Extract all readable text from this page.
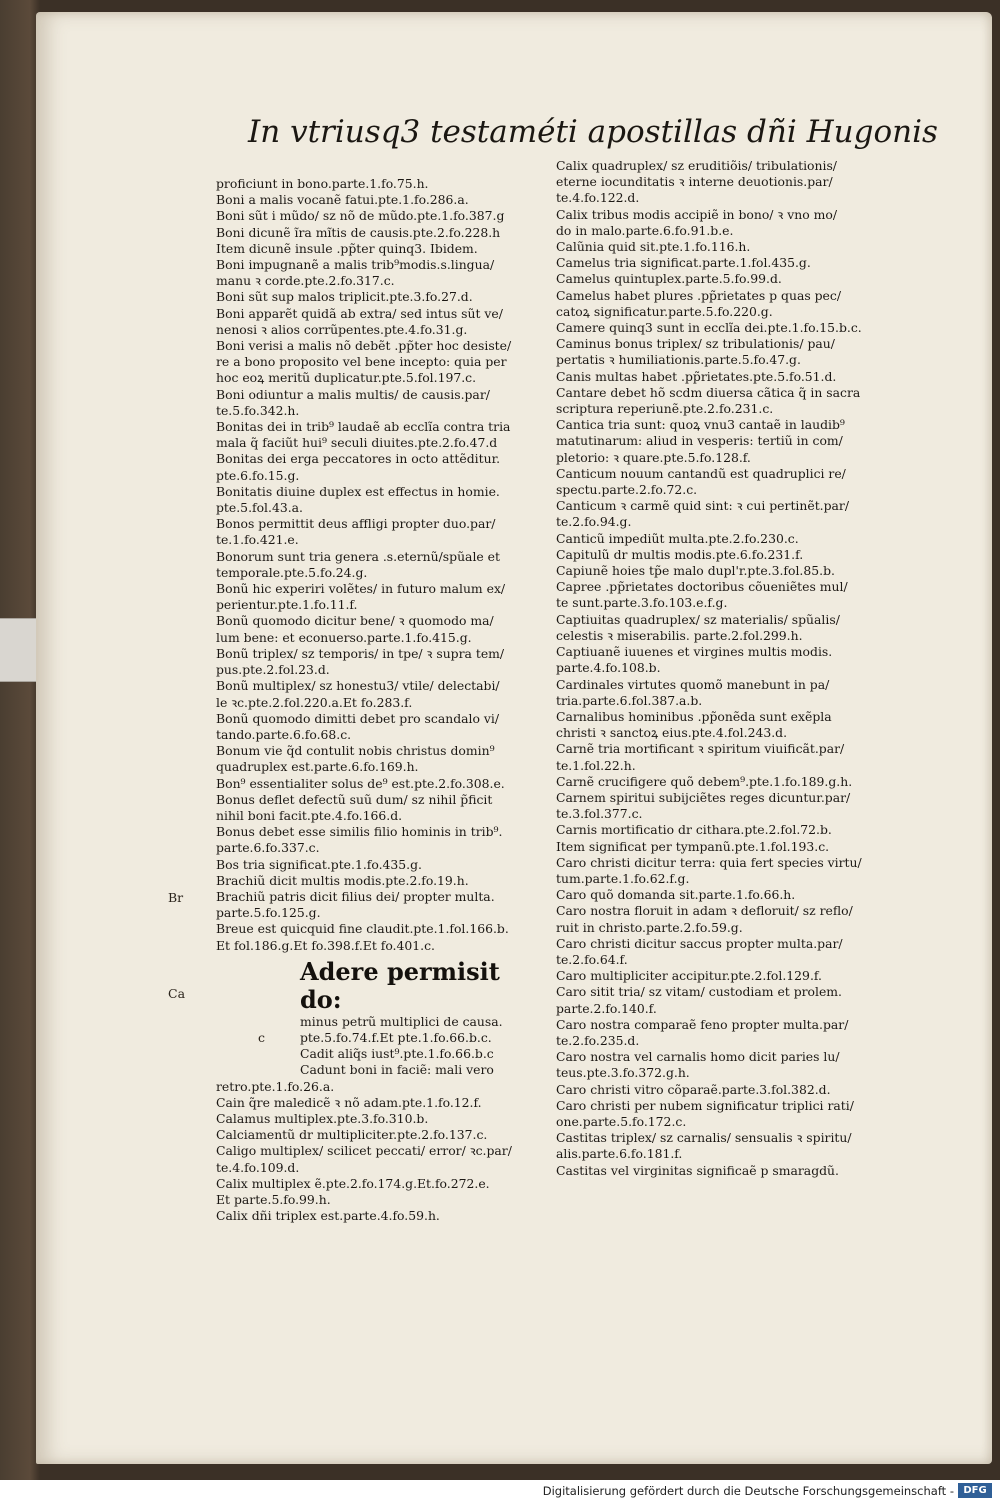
In vtriusq3 testaméti apostillas dñi Hugonis
Br
Ca
c
proficiunt in bono.parte.1.fo.75.h.
Boni a malis vocanẽ fatui.pte.1.fo.286.a.
Boni sũt i mũdo/ sz nõ de mũdo.pte.1.fo.387.g
Boni dicunẽ ĩra mĩtis de causis.pte.2.fo.228.h
Item dicunẽ insule .pp̃ter quinq3. Ibidem.
Boni impugnanẽ a malis trib⁹modis.s.lingua/
manu ꝛ corde.pte.2.fo.317.c.
Boni sũt sup malos triplicit.pte.3.fo.27.d.
Boni apparẽt quidã ab extra/ sed intus sũt ve/
nenosi ꝛ alios corrũpentes.pte.4.fo.31.g.
Boni verisi a malis nõ debẽt .pp̃ter hoc desiste/
re a bono proposito vel bene incepto: quia per
hoc eoꝝ meritũ duplicatur.pte.5.fol.197.c.
Boni odiuntur a malis multis/ de causis.par/
te.5.fo.342.h.
Bonitas dei in trib⁹ laudaẽ ab ecclĩa contra tria
mala q̃ faciũt hui⁹ seculi diuites.pte.2.fo.47.d
Bonitas dei erga peccatores in octo attẽditur.
pte.6.fo.15.g.
Bonitatis diuine duplex est effectus in homie.
pte.5.fol.43.a.
Bonos permittit deus affligi propter duo.par/
te.1.fo.421.e.
Bonorum sunt tria genera .s.eternũ/spũale et
temporale.pte.5.fo.24.g.
Bonũ hic experiri volẽtes/ in futuro malum ex/
perientur.pte.1.fo.11.f.
Bonũ quomodo dicitur bene/ ꝛ quomodo ma/
lum bene: et econuerso.parte.1.fo.415.g.
Bonũ triplex/ sz temporis/ in tpe/ ꝛ supra tem/
pus.pte.2.fol.23.d.
Bonũ multiplex/ sz honestu3/ vtile/ delectabi/
le ꝛc.pte.2.fol.220.a.Et fo.283.f.
Bonũ quomodo dimitti debet pro scandalo vi/
tando.parte.6.fo.68.c.
Bonum vie q̃d contulit nobis christus domin⁹
quadruplex est.parte.6.fo.169.h.
Bon⁹ essentialiter solus de⁹ est.pte.2.fo.308.e.
Bonus deflet defectũ suũ dum/ sz nihil p̃ficit
nihil boni facit.pte.4.fo.166.d.
Bonus debet esse similis filio hominis in trib⁹.
parte.6.fo.337.c.
Bos tria significat.pte.1.fo.435.g.
Brachiũ dicit multis modis.pte.2.fo.19.h.
Brachiũ patris dicit filius dei/ propter multa.
parte.5.fo.125.g.
Breue est quicquid fine claudit.pte.1.fol.166.b.
Et fol.186.g.Et fo.398.f.Et fo.401.c.
Adere permisit do:
minus petrũ multiplici de causa.
pte.5.fo.74.f.Et pte.1.fo.66.b.c.
Cadit aliq̃s iust⁹.pte.1.fo.66.b.c
Cadunt boni in faciẽ: mali vero
retro.pte.1.fo.26.a.
Cain q̃re maledicẽ ꝛ nõ adam.pte.1.fo.12.f.
Calamus multiplex.pte.3.fo.310.b.
Calciamentũ dr multipliciter.pte.2.fo.137.c.
Caligo multiplex/ scilicet peccati/ error/ ꝛc.par/
te.4.fo.109.d.
Calix multiplex ẽ.pte.2.fo.174.g.Et.fo.272.e.
Et parte.5.fo.99.h.
Calix dñi triplex est.parte.4.fo.59.h.
Calix quadruplex/ sz eruditiõis/ tribulationis/
eterne iocunditatis ꝛ interne deuotionis.par/
te.4.fo.122.d.
Calix tribus modis accipiẽ in bono/ ꝛ vno mo/
do in malo.parte.6.fo.91.b.e.
Calũnia quid sit.pte.1.fo.116.h.
Camelus tria significat.parte.1.fol.435.g.
Camelus quintuplex.parte.5.fo.99.d.
Camelus habet plures .pp̃rietates p quas pec/
catoꝝ significatur.parte.5.fo.220.g.
Camere quinq3 sunt in ecclĩa dei.pte.1.fo.15.b.c.
Caminus bonus triplex/ sz tribulationis/ pau/
pertatis ꝛ humiliationis.parte.5.fo.47.g.
Canis multas habet .pp̃rietates.pte.5.fo.51.d.
Cantare debet hõ scdm diuersa cãtica q̃ in sacra
scriptura reperiunẽ.pte.2.fo.231.c.
Cantica tria sunt: quoꝝ vnu3 cantaẽ in laudib⁹
matutinarum: aliud in vesperis: tertiũ in com/
pletorio: ꝛ quare.pte.5.fo.128.f.
Canticum nouum cantandũ est quadruplici re/
spectu.parte.2.fo.72.c.
Canticum ꝛ carmẽ quid sint: ꝛ cui pertinẽt.par/
te.2.fo.94.g.
Canticũ impediũt multa.pte.2.fo.230.c.
Capitulũ dr multis modis.pte.6.fo.231.f.
Capiunẽ hoies tp̃e malo dupl'r.pte.3.fol.85.b.
Capree .pp̃rietates doctoribus cõueniẽtes mul/
te sunt.parte.3.fo.103.e.f.g.
Captiuitas quadruplex/ sz materialis/ spũalis/
celestis ꝛ miserabilis. parte.2.fol.299.h.
Captiuanẽ iuuenes et virgines multis modis.
parte.4.fo.108.b.
Cardinales virtutes quomõ manebunt in pa/
tria.parte.6.fol.387.a.b.
Carnalibus hominibus .pp̃onẽda sunt exẽpla
christi ꝛ sanctoꝝ eius.pte.4.fol.243.d.
Carnẽ tria mortificant ꝛ spiritum viuificãt.par/
te.1.fol.22.h.
Carnẽ crucifigere quõ debem⁹.pte.1.fo.189.g.h.
Carnem spiritui subijciẽtes reges dicuntur.par/
te.3.fol.377.c.
Carnis mortificatio dr cithara.pte.2.fol.72.b.
Item significat per tympanũ.pte.1.fol.193.c.
Caro christi dicitur terra: quia fert species virtu/
tum.parte.1.fo.62.f.g.
Caro quõ domanda sit.parte.1.fo.66.h.
Caro nostra floruit in adam ꝛ defloruit/ sz reflo/
ruit in christo.parte.2.fo.59.g.
Caro christi dicitur saccus propter multa.par/
te.2.fo.64.f.
Caro multipliciter accipitur.pte.2.fol.129.f.
Caro sitit tria/ sz vitam/ custodiam et prolem.
parte.2.fo.140.f.
Caro nostra comparaẽ feno propter multa.par/
te.2.fo.235.d.
Caro nostra vel carnalis homo dicit paries lu/
teus.pte.3.fo.372.g.h.
Caro christi vitro cõparaẽ.parte.3.fol.382.d.
Caro christi per nubem significatur triplici rati/
one.parte.5.fo.172.c.
Castitas triplex/ sz carnalis/ sensualis ꝛ spiritu/
alis.parte.6.fo.181.f.
Castitas vel virginitas significaẽ p smaragdũ.
Digitalisierung gefördert durch die Deutsche Forschungsgemeinschaft - DFG
